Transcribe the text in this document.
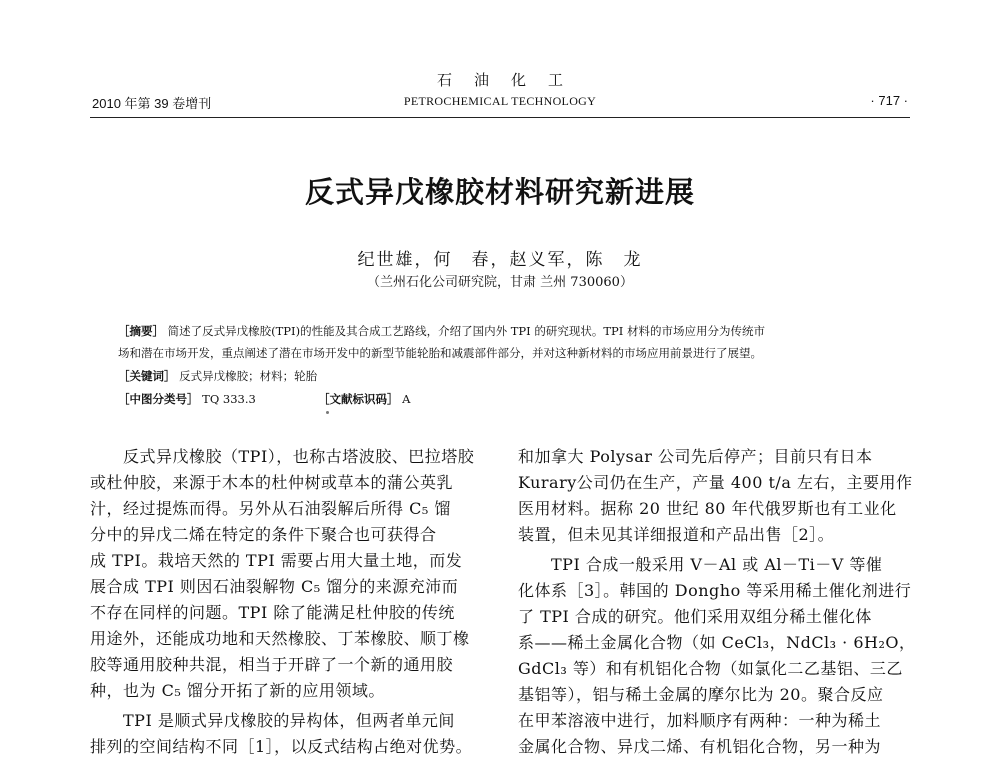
石油化工
2010 年第 39 卷增刊	PETROCHEMICAL TECHNOLOGY	· 717 ·
反式异戊橡胶材料研究新进展
纪世雄，何　春，赵义军，陈　龙
（兰州石化公司研究院，甘肃 兰州 730060）
［摘要］ 简述了反式异戊橡胶(TPI)的性能及其合成工艺路线，介绍了国内外 TPI 的研究现状。TPI 材料的市场应用分为传统市
场和潜在市场开发，重点阐述了潜在市场开发中的新型节能轮胎和减震部件部分，并对这种新材料的市场应用前景进行了展望。
［关键词］ 反式异戊橡胶；材料；轮胎
［中图分类号］ TQ 333.3	［文献标识码］ A
　　反式异戊橡胶（TPI），也称古塔波胶、巴拉塔胶
或杜仲胶，来源于木本的杜仲树或草本的蒲公英乳
汁，经过提炼而得。另外从石油裂解后所得 C₅ 馏
分中的异戊二烯在特定的条件下聚合也可获得合
成 TPI。栽培天然的 TPI 需要占用大量土地，而发
展合成 TPI 则因石油裂解物 C₅ 馏分的来源充沛而
不存在同样的问题。TPI 除了能满足杜仲胶的传统
用途外，还能成功地和天然橡胶、丁苯橡胶、顺丁橡
胶等通用胶种共混，相当于开辟了一个新的通用胶
种，也为 C₅ 馏分开拓了新的应用领域。
　　TPI 是顺式异戊橡胶的异构体，但两者单元间
排列的空间结构不同［1］，以反式结构占绝对优势。
和加拿大 Polysar 公司先后停产；目前只有日本
Kurary公司仍在生产，产量 400 t/a 左右，主要用作
医用材料。据称 20 世纪 80 年代俄罗斯也有工业化
装置，但未见其详细报道和产品出售［2］。
　　TPI 合成一般采用 V－Al 或 Al－Ti－V 等催
化体系［3］。韩国的 Dongho 等采用稀土催化剂进行
了 TPI 合成的研究。他们采用双组分稀土催化体
系——稀土金属化合物（如 CeCl₃，NdCl₃ · 6H₂O，
GdCl₃ 等）和有机铝化合物（如氯化二乙基铝、三乙
基铝等），铝与稀土金属的摩尔比为 20。聚合反应
在甲苯溶液中进行，加料顺序有两种：一种为稀土
金属化合物、异戊二烯、有机铝化合物，另一种为
